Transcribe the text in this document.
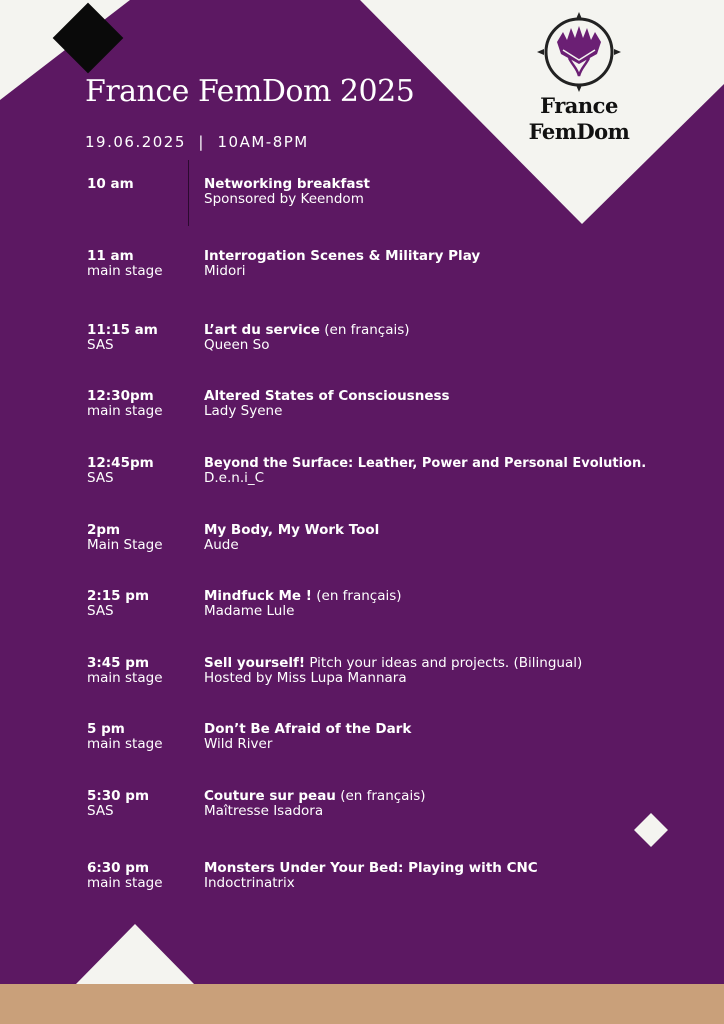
France FemDom 2025
19.06.2025  |  10AM-8PM
France
FemDom
10 am	Networking breakfast
Sponsored by Keendom
11 am
main stage
Interrogation Scenes & Military Play
Midori
11:15 am
SAS
L’art du service (en français)
Queen So
12:30pm
main stage
Altered States of Consciousness
Lady Syene
12:45pm
SAS
Beyond the Surface: Leather, Power and Personal Evolution.
D.e.n.i_C
2pm
Main Stage
My Body, My Work Tool
Aude
2:15 pm
SAS
Mindfuck Me ! (en français)
Madame Lule
3:45 pm
main stage
Sell yourself! Pitch your ideas and projects. (Bilingual)
Hosted by Miss Lupa Mannara
5 pm
main stage
Don’t Be Afraid of the Dark
Wild River
5:30 pm
SAS
Couture sur peau (en français)
Maîtresse Isadora
6:30 pm
main stage
Monsters Under Your Bed: Playing with CNC
Indoctrinatrix
